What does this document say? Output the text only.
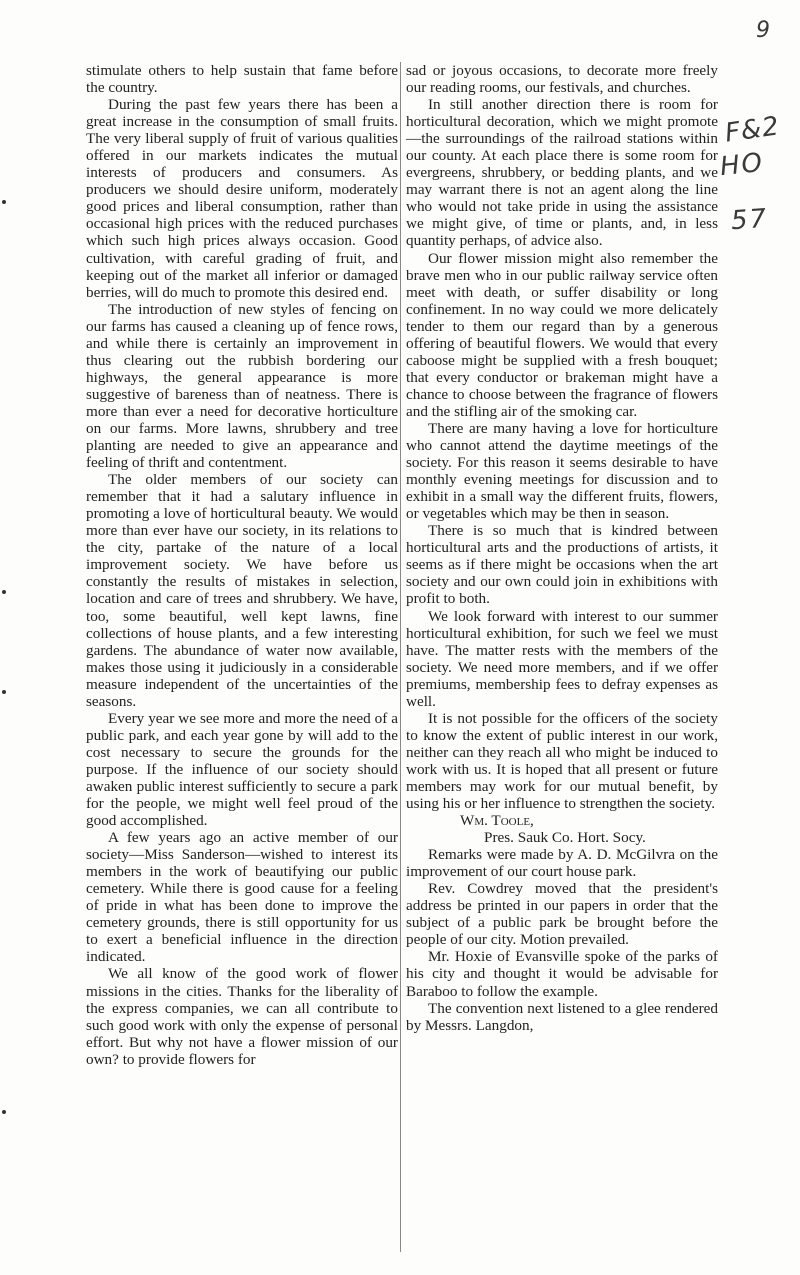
9
F&2
HO
57

stimulate others to help sustain that fame before the country.

During the past few years there has been a great increase in the consumption of small fruits. The very liberal supply of fruit of various qualities offered in our markets indicates the mutual interests of producers and consumers. As producers we should desire uniform, moderately good prices and liberal consumption, rather than occasional high prices with the reduced purchases which such high prices always occasion. Good cultivation, with careful grading of fruit, and keeping out of the market all inferior or damaged berries, will do much to promote this desired end.

The introduction of new styles of fencing on our farms has caused a cleaning up of fence rows, and while there is certainly an improvement in thus clearing out the rubbish bordering our highways, the general appearance is more suggestive of bareness than of neatness. There is more than ever a need for decorative horticulture on our farms. More lawns, shrubbery and tree planting are needed to give an appearance and feeling of thrift and contentment.

The older members of our society can remember that it had a salutary influence in promoting a love of horticultural beauty. We would more than ever have our society, in its relations to the city, partake of the nature of a local improvement society. We have before us constantly the results of mistakes in selection, location and care of trees and shrubbery. We have, too, some beautiful, well kept lawns, fine collections of house plants, and a few interesting gardens. The abundance of water now available, makes those using it judiciously in a considerable measure independent of the uncertainties of the seasons.

Every year we see more and more the need of a public park, and each year gone by will add to the cost necessary to secure the grounds for the purpose. If the influence of our society should awaken public interest sufficiently to secure a park for the people, we might well feel proud of the good accomplished.

A few years ago an active member of our society—Miss Sanderson—wished to interest its members in the work of beautifying our public cemetery. While there is good cause for a feeling of pride in what has been done to improve the cemetery grounds, there is still opportunity for us to exert a beneficial influence in the direction indicated.

We all know of the good work of flower missions in the cities. Thanks for the liberality of the express companies, we can all contribute to such good work with only the expense of personal effort. But why not have a flower mission of our own? to provide flowers for

sad or joyous occasions, to decorate more freely our reading rooms, our festivals, and churches.

In still another direction there is room for horticultural decoration, which we might promote—the surroundings of the railroad stations within our county. At each place there is some room for evergreens, shrubbery, or bedding plants, and we may warrant there is not an agent along the line who would not take pride in using the assistance we might give, of time or plants, and, in less quantity perhaps, of advice also.

Our flower mission might also remember the brave men who in our public railway service often meet with death, or suffer disability or long confinement. In no way could we more delicately tender to them our regard than by a generous offering of beautiful flowers. We would that every caboose might be supplied with a fresh bouquet; that every conductor or brakeman might have a chance to choose between the fragrance of flowers and the stifling air of the smoking car.

There are many having a love for horticulture who cannot attend the daytime meetings of the society. For this reason it seems desirable to have monthly evening meetings for discussion and to exhibit in a small way the different fruits, flowers, or vegetables which may be then in season.

There is so much that is kindred between horticultural arts and the productions of artists, it seems as if there might be occasions when the art society and our own could join in exhibitions with profit to both.

We look forward with interest to our summer horticultural exhibition, for such we feel we must have. The matter rests with the members of the society. We need more members, and if we offer premiums, membership fees to defray expenses as well.

It is not possible for the officers of the society to know the extent of public interest in our work, neither can they reach all who might be induced to work with us. It is hoped that all present or future members may work for our mutual benefit, by using his or her influence to strengthen the society.

Wm. Toole,

Pres. Sauk Co. Hort. Socy.

Remarks were made by A. D. McGilvra on the improvement of our court house park.

Rev. Cowdrey moved that the president's address be printed in our papers in order that the subject of a public park be brought before the people of our city. Motion prevailed.

Mr. Hoxie of Evansville spoke of the parks of his city and thought it would be advisable for Baraboo to follow the example.

The convention next listened to a glee rendered by Messrs. Langdon,
